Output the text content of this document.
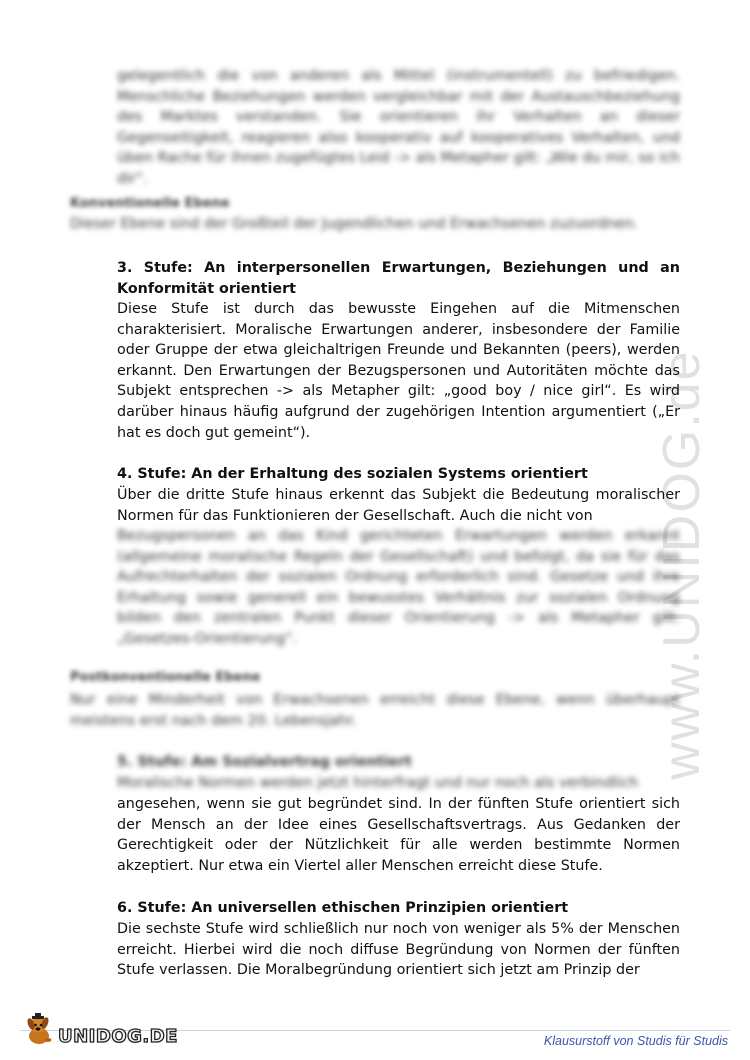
www.UNIDOG.de
gelegentlich die von anderen als Mittel (instrumentell) zu befriedigen. Menschliche Beziehungen werden vergleichbar mit der Austauschbeziehung des Marktes verstanden. Sie orientieren ihr Verhalten an dieser Gegenseitigkeit, reagieren also kooperativ auf kooperatives Verhalten, und üben Rache für ihnen zugefügtes Leid -> als Metapher gilt: „Wie du mir, so ich dir“.
Konventionelle Ebene
Dieser Ebene sind der Großteil der Jugendlichen und Erwachsenen zuzuordnen.
3. Stufe: An interpersonellen Erwartungen, Beziehungen und an Konformität orientiert
Diese Stufe ist durch das bewusste Eingehen auf die Mitmenschen charakterisiert. Moralische Erwartungen anderer, insbesondere der Familie oder Gruppe der etwa gleichaltrigen Freunde und Bekannten (peers), werden erkannt. Den Erwartungen der Bezugspersonen und Autoritäten möchte das Subjekt entsprechen -> als Metapher gilt: „good boy / nice girl“. Es wird darüber hinaus häufig aufgrund der zugehörigen Intention argumentiert („Er hat es doch gut gemeint“).
4. Stufe: An der Erhaltung des sozialen Systems orientiert
Über die dritte Stufe hinaus erkennt das Subjekt die Bedeutung moralischer Normen für das Funktionieren der Gesellschaft. Auch die nicht von
Bezugspersonen an das Kind gerichteten Erwartungen werden erkannt (allgemeine moralische Regeln der Gesellschaft) und befolgt, da sie für das Aufrechterhalten der sozialen Ordnung erforderlich sind. Gesetze und ihre Erhaltung sowie generell ein bewusstes Verhältnis zur sozialen Ordnung bilden den zentralen Punkt dieser Orientierung -> als Metapher gilt: „Gesetzes-Orientierung“.
Postkonventionelle Ebene
Nur eine Minderheit von Erwachsenen erreicht diese Ebene, wenn überhaupt meistens erst nach dem 20. Lebensjahr.
5. Stufe: Am Sozialvertrag orientiert
Moralische Normen werden jetzt hinterfragt und nur noch als verbindlich
angesehen, wenn sie gut begründet sind. In der fünften Stufe orientiert sich der Mensch an der Idee eines Gesellschaftsvertrags. Aus Gedanken der Gerechtigkeit oder der Nützlichkeit für alle werden bestimmte Normen akzeptiert. Nur etwa ein Viertel aller Menschen erreicht diese Stufe.
6. Stufe: An universellen ethischen Prinzipien orientiert
Die sechste Stufe wird schließlich nur noch von weniger als 5% der Menschen erreicht. Hierbei wird die noch diffuse Begründung von Normen der fünften Stufe verlassen. Die Moralbegründung orientiert sich jetzt am Prinzip der
UNIDOG.DE	Klausurstoff von Studis für Studis
